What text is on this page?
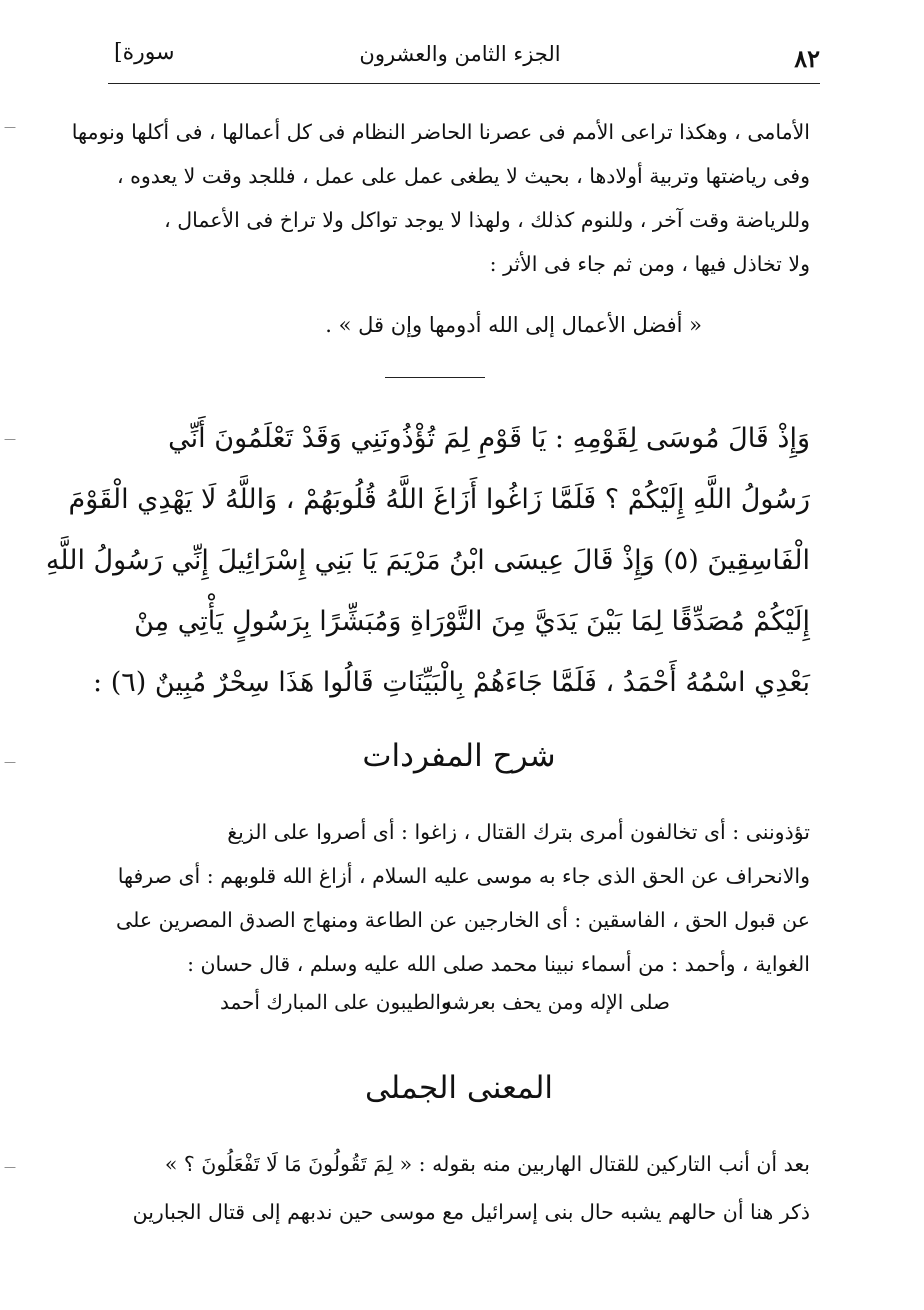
[سورة	الجزء الثامن والعشرون	٨٢
الأمامى ، وهكذا تراعى الأمم فى عصرنا الحاضر النظام فى كل أعمالها ، فى أكلها ونومها
وفى رياضتها وتربية أولادها ، بحيث لا يطغى عمل على عمل ، فللجد وقت لا يعدوه ،
وللرياضة وقت آخر ، وللنوم كذلك ، ولهذا لا يوجد تواكل ولا تراخ فى الأعمال ،
ولا تخاذل فيها ، ومن ثم جاء فى الأثر :
« أفضل الأعمال إلى الله أدومها وإن قل » .
وَإِذْ قَالَ مُوسَى لِقَوْمِهِ : يَا قَوْمِ لِمَ تُؤْذُونَنِي وَقَدْ تَعْلَمُونَ أَنِّي
رَسُولُ اللَّهِ إِلَيْكُمْ ؟ فَلَمَّا زَاغُوا أَزَاغَ اللَّهُ قُلُوبَهُمْ ، وَاللَّهُ لَا يَهْدِي الْقَوْمَ
الْفَاسِقِينَ (٥) وَإِذْ قَالَ عِيسَى ابْنُ مَرْيَمَ يَا بَنِي إِسْرَائِيلَ إِنِّي رَسُولُ اللَّهِ
إِلَيْكُمْ مُصَدِّقًا لِمَا بَيْنَ يَدَيَّ مِنَ التَّوْرَاةِ وَمُبَشِّرًا بِرَسُولٍ يَأْتِي مِنْ
بَعْدِي اسْمُهُ أَحْمَدُ ، فَلَمَّا جَاءَهُمْ بِالْبَيِّنَاتِ قَالُوا هَذَا سِحْرٌ مُبِينٌ (٦) :
شرح المفردات
تؤذوننى : أى تخالفون أمرى بترك القتال ، زاغوا : أى أصروا على الزيغ
والانحراف عن الحق الذى جاء به موسى عليه السلام ، أزاغ الله قلوبهم : أى صرفها
عن قبول الحق ، الفاسقين : أى الخارجين عن الطاعة ومنهاج الصدق المصرين على
الغواية ، وأحمد : من أسماء نبينا محمد صلى الله عليه وسلم ، قال حسان :
صلى الإله ومن يحف بعرشه
والطيبون على المبارك أحمد
المعنى الجملى
بعد أن أنب التاركين للقتال الهاربين منه بقوله : « لِمَ تَقُولُونَ مَا لَا تَفْعَلُونَ ؟ »
ذكر هنا أن حالهم يشبه حال بنى إسرائيل مع موسى حين ندبهم إلى قتال الجبارين
—
—
—
—
